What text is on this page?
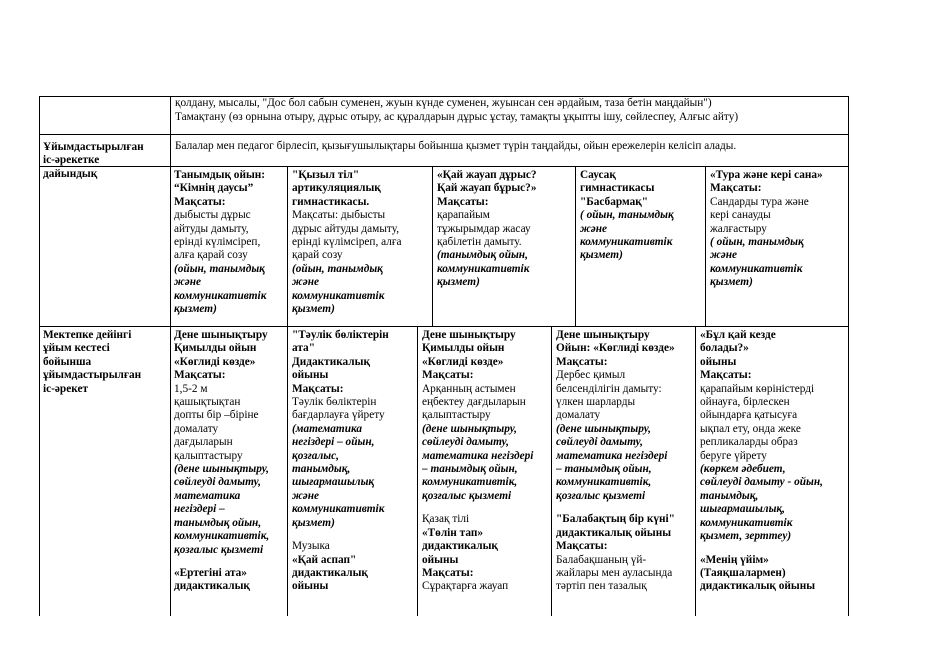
қолдану, мысалы, "Дос бол сабын суменен, жуын күнде суменен, жуынсан сен әрдайым, таза бетін маңдайын")
Тамақтану (өз орнына отыру, дұрыс отыру, ас құралдарын дұрыс ұстау, тамақты ұқыпты ішу, сөйлеспеу, Алғыс айту)
Ұйымдастырылған
іс-әрекетке
дайындық
Балалар мен педагог бірлесіп, қызығушылықтары бойынша қызмет түрін таңдайды, ойын ережелерін келісіп алады.
Танымдық ойын:
“Кімнің даусы”
Мақсаты:
дыбысты дұрыс
айтуды дамыту,
еріндi күлімсіреп,
алға қарай созу
(ойын, танымдық
және
коммуникативтік
қызмет)
"Қызыл тіл"
артикуляциялық
гимнастикасы.
Мақсаты: дыбысты
дұрыс айтуды дамыту,
еріндi күлімсіреп, алға
қарай созу
(ойын, танымдық
және
коммуникативтік
қызмет)
«Қай жауап дұрыс?
Қай жауап бұрыс?»
Мақсаты:
қарапайым
тұжырымдар жасау
қабілетін дамыту.
(танымдық ойын,
коммуникативтік
қызмет)
Саусақ
гимнастикасы
"Басбармақ"
( ойын, танымдық
және
коммуникативтік
қызмет)
«Тура және кері сана»
Мақсаты:
Сандарды тура және
кері санауды
жалғастыру
( ойын, танымдық
және
коммуникативтік
қызмет)
Мектепке дейінгі
ұйым кестесі
бойынша
ұйымдастырылған
іс-әрекет
Дене шынықтыру
Қимылды ойын
«Көглиді көзде»
Мақсаты:
1,5-2 м
қашықтықтан
допты бір –біріне
домалату
дағдыларын
қалыптастыру
(дене шынықтыру,
сөйлеуді дамыту,
математика
негіздері –
танымдық ойын,
коммуникативтік,
қозғалыс қызметі
«Ертегіні ата»
дидактикалық
"Тәулік бөліктерін
ата"
Дидактикалық
ойыны
Мақсаты:
Тәулік бөліктерін
бағдарлауға үйрету
(математика
негіздері – ойын,
қозғалыс,
танымдық,
шығармашылық
және
коммуникативтік
қызмет)
Музыка
«Қай аспап"
дидактикалық
ойыны
Дене шынықтыру
Қимылды ойын
«Көглиді көзде»
Мақсаты:
Арқанның астымен
еңбектеу дағдыларын
қалыптастыру
(дене шынықтыру,
сөйлеуді дамыту,
математика негіздері
– танымдық ойын,
коммуникативтік,
қозғалыс қызметі
Қазақ тілі
«Төлін тап»
дидактикалық
ойыны
Мақсаты:
Сұрақтарға жауап
Дене шынықтыру
Ойын: «Көглиді көзде»
Мақсаты:
Дербес қимыл
белсенділігін дамыту:
үлкен шарларды
домалату
(дене шынықтыру,
сөйлеуді дамыту,
математика негіздері
– танымдық ойын,
коммуникативтік,
қозғалыс қызметі
"Балабақтың бір күні"
дидактикалық ойыны
Мақсаты:
Балабақшаның үй-
жайлары мен ауласында
тәртіп пен тазалық
«Бұл қай кезде
болады?»
ойыны
Мақсаты:
қарапайым көріністерді
ойнауға, бірлескен
ойындарға қатысуға
ықпал ету, онда жеке
репликаларды образ
беруге үйрету
(көркем әдебиет,
сөйлеуді дамыту - ойын,
танымдық,
шығармашылық,
коммуникативтік
қызмет, зерттеу)
«Менің үйім»
(Таяқшалармен)
дидактикалық ойыны
